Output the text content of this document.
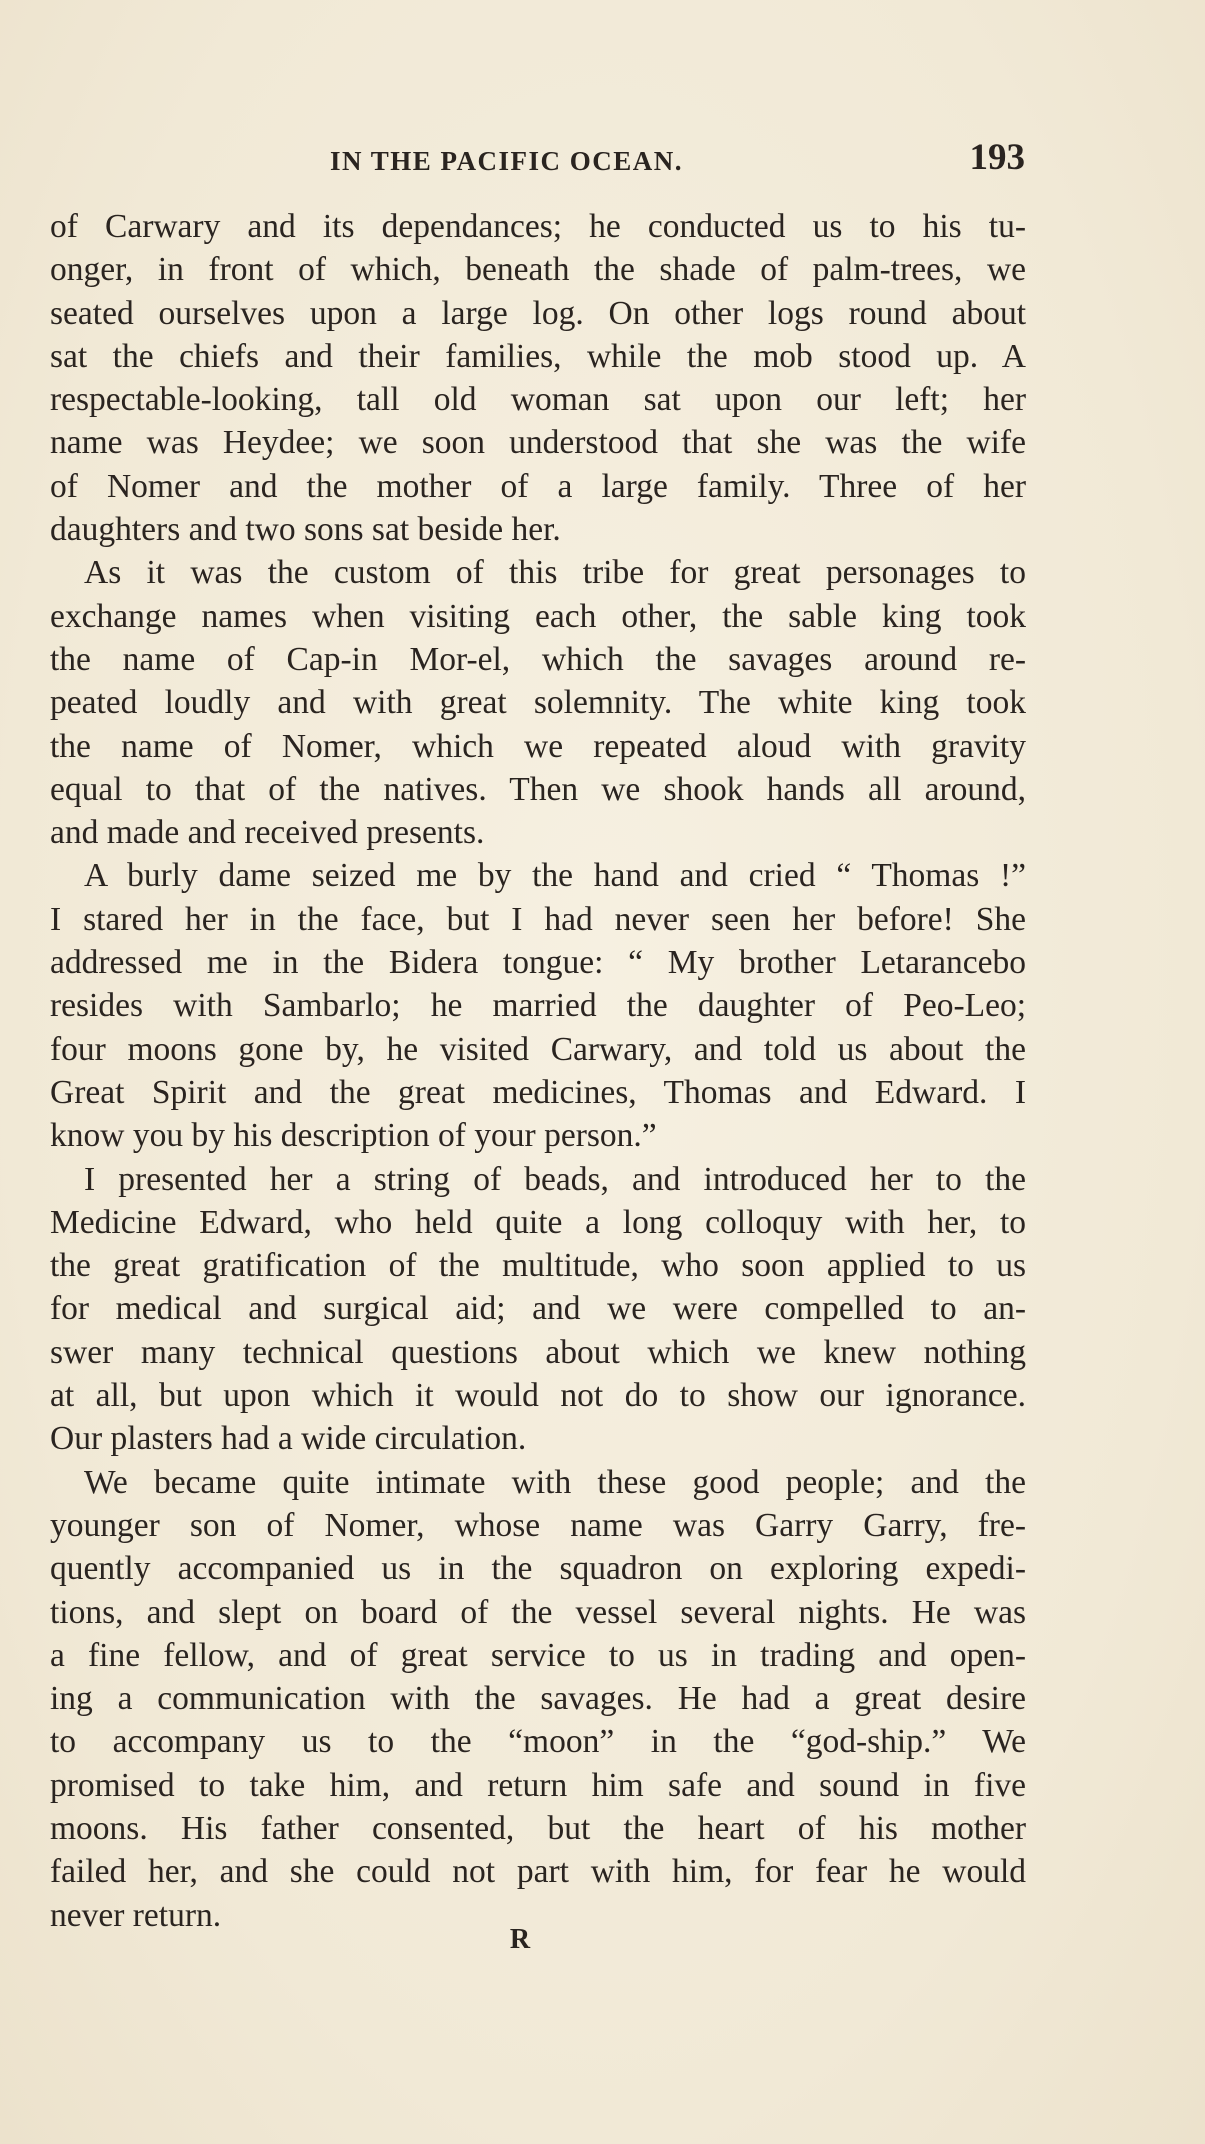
IN THE PACIFIC OCEAN.	193
of Carwary and its dependances; he conducted us to his tu-
onger, in front of which, beneath the shade of palm-trees, we
seated ourselves upon a large log. On other logs round about
sat the chiefs and their families, while the mob stood up. A
respectable-looking, tall old woman sat upon our left; her
name was Heydee; we soon understood that she was the wife
of Nomer and the mother of a large family. Three of her
daughters and two sons sat beside her.
As it was the custom of this tribe for great personages to
exchange names when visiting each other, the sable king took
the name of Cap-in Mor-el, which the savages around re-
peated loudly and with great solemnity. The white king took
the name of Nomer, which we repeated aloud with gravity
equal to that of the natives. Then we shook hands all around,
and made and received presents.
A burly dame seized me by the hand and cried “ Thomas !”
I stared her in the face, but I had never seen her before! She
addressed me in the Bidera tongue: “ My brother Letarancebo
resides with Sambarlo; he married the daughter of Peo-Leo;
four moons gone by, he visited Carwary, and told us about the
Great Spirit and the great medicines, Thomas and Edward. I
know you by his description of your person.”
I presented her a string of beads, and introduced her to the
Medicine Edward, who held quite a long colloquy with her, to
the great gratification of the multitude, who soon applied to us
for medical and surgical aid; and we were compelled to an-
swer many technical questions about which we knew nothing
at all, but upon which it would not do to show our ignorance.
Our plasters had a wide circulation.
We became quite intimate with these good people; and the
younger son of Nomer, whose name was Garry Garry, fre-
quently accompanied us in the squadron on exploring expedi-
tions, and slept on board of the vessel several nights. He was
a fine fellow, and of great service to us in trading and open-
ing a communication with the savages. He had a great desire
to accompany us to the “moon” in the “god-ship.” We
promised to take him, and return him safe and sound in five
moons. His father consented, but the heart of his mother
failed her, and she could not part with him, for fear he would
never return.
R
